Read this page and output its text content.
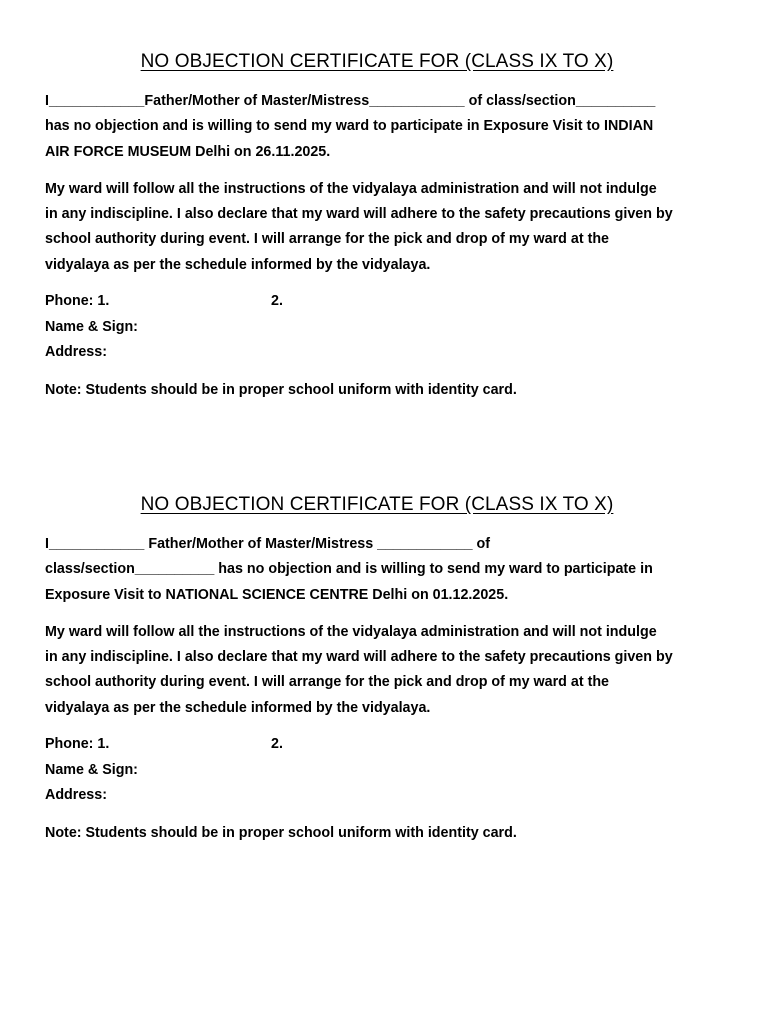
NO OBJECTION CERTIFICATE FOR (CLASS IX TO X)
I____________Father/Mother of Master/Mistress____________ of class/section__________
has no objection and is willing to send my ward to participate in Exposure Visit to INDIAN
AIR FORCE MUSEUM Delhi on 26.11.2025.
My ward will follow all the instructions of the vidyalaya administration and will not indulge
in any indiscipline. I also declare that my ward will adhere to the safety precautions given by
school authority during event. I will arrange for the pick and drop of my ward at the
vidyalaya as per the schedule informed by the vidyalaya.
Phone: 1.	2.
Name & Sign:
Address:
Note: Students should be in proper school uniform with identity card.
NO OBJECTION CERTIFICATE FOR (CLASS IX TO X)
I____________ Father/Mother of Master/Mistress ____________ of
class/section__________ has no objection and is willing to send my ward to participate in
Exposure Visit to NATIONAL SCIENCE CENTRE Delhi on 01.12.2025.
My ward will follow all the instructions of the vidyalaya administration and will not indulge
in any indiscipline. I also declare that my ward will adhere to the safety precautions given by
school authority during event. I will arrange for the pick and drop of my ward at the
vidyalaya as per the schedule informed by the vidyalaya.
Phone: 1.	2.
Name & Sign:
Address:
Note: Students should be in proper school uniform with identity card.
